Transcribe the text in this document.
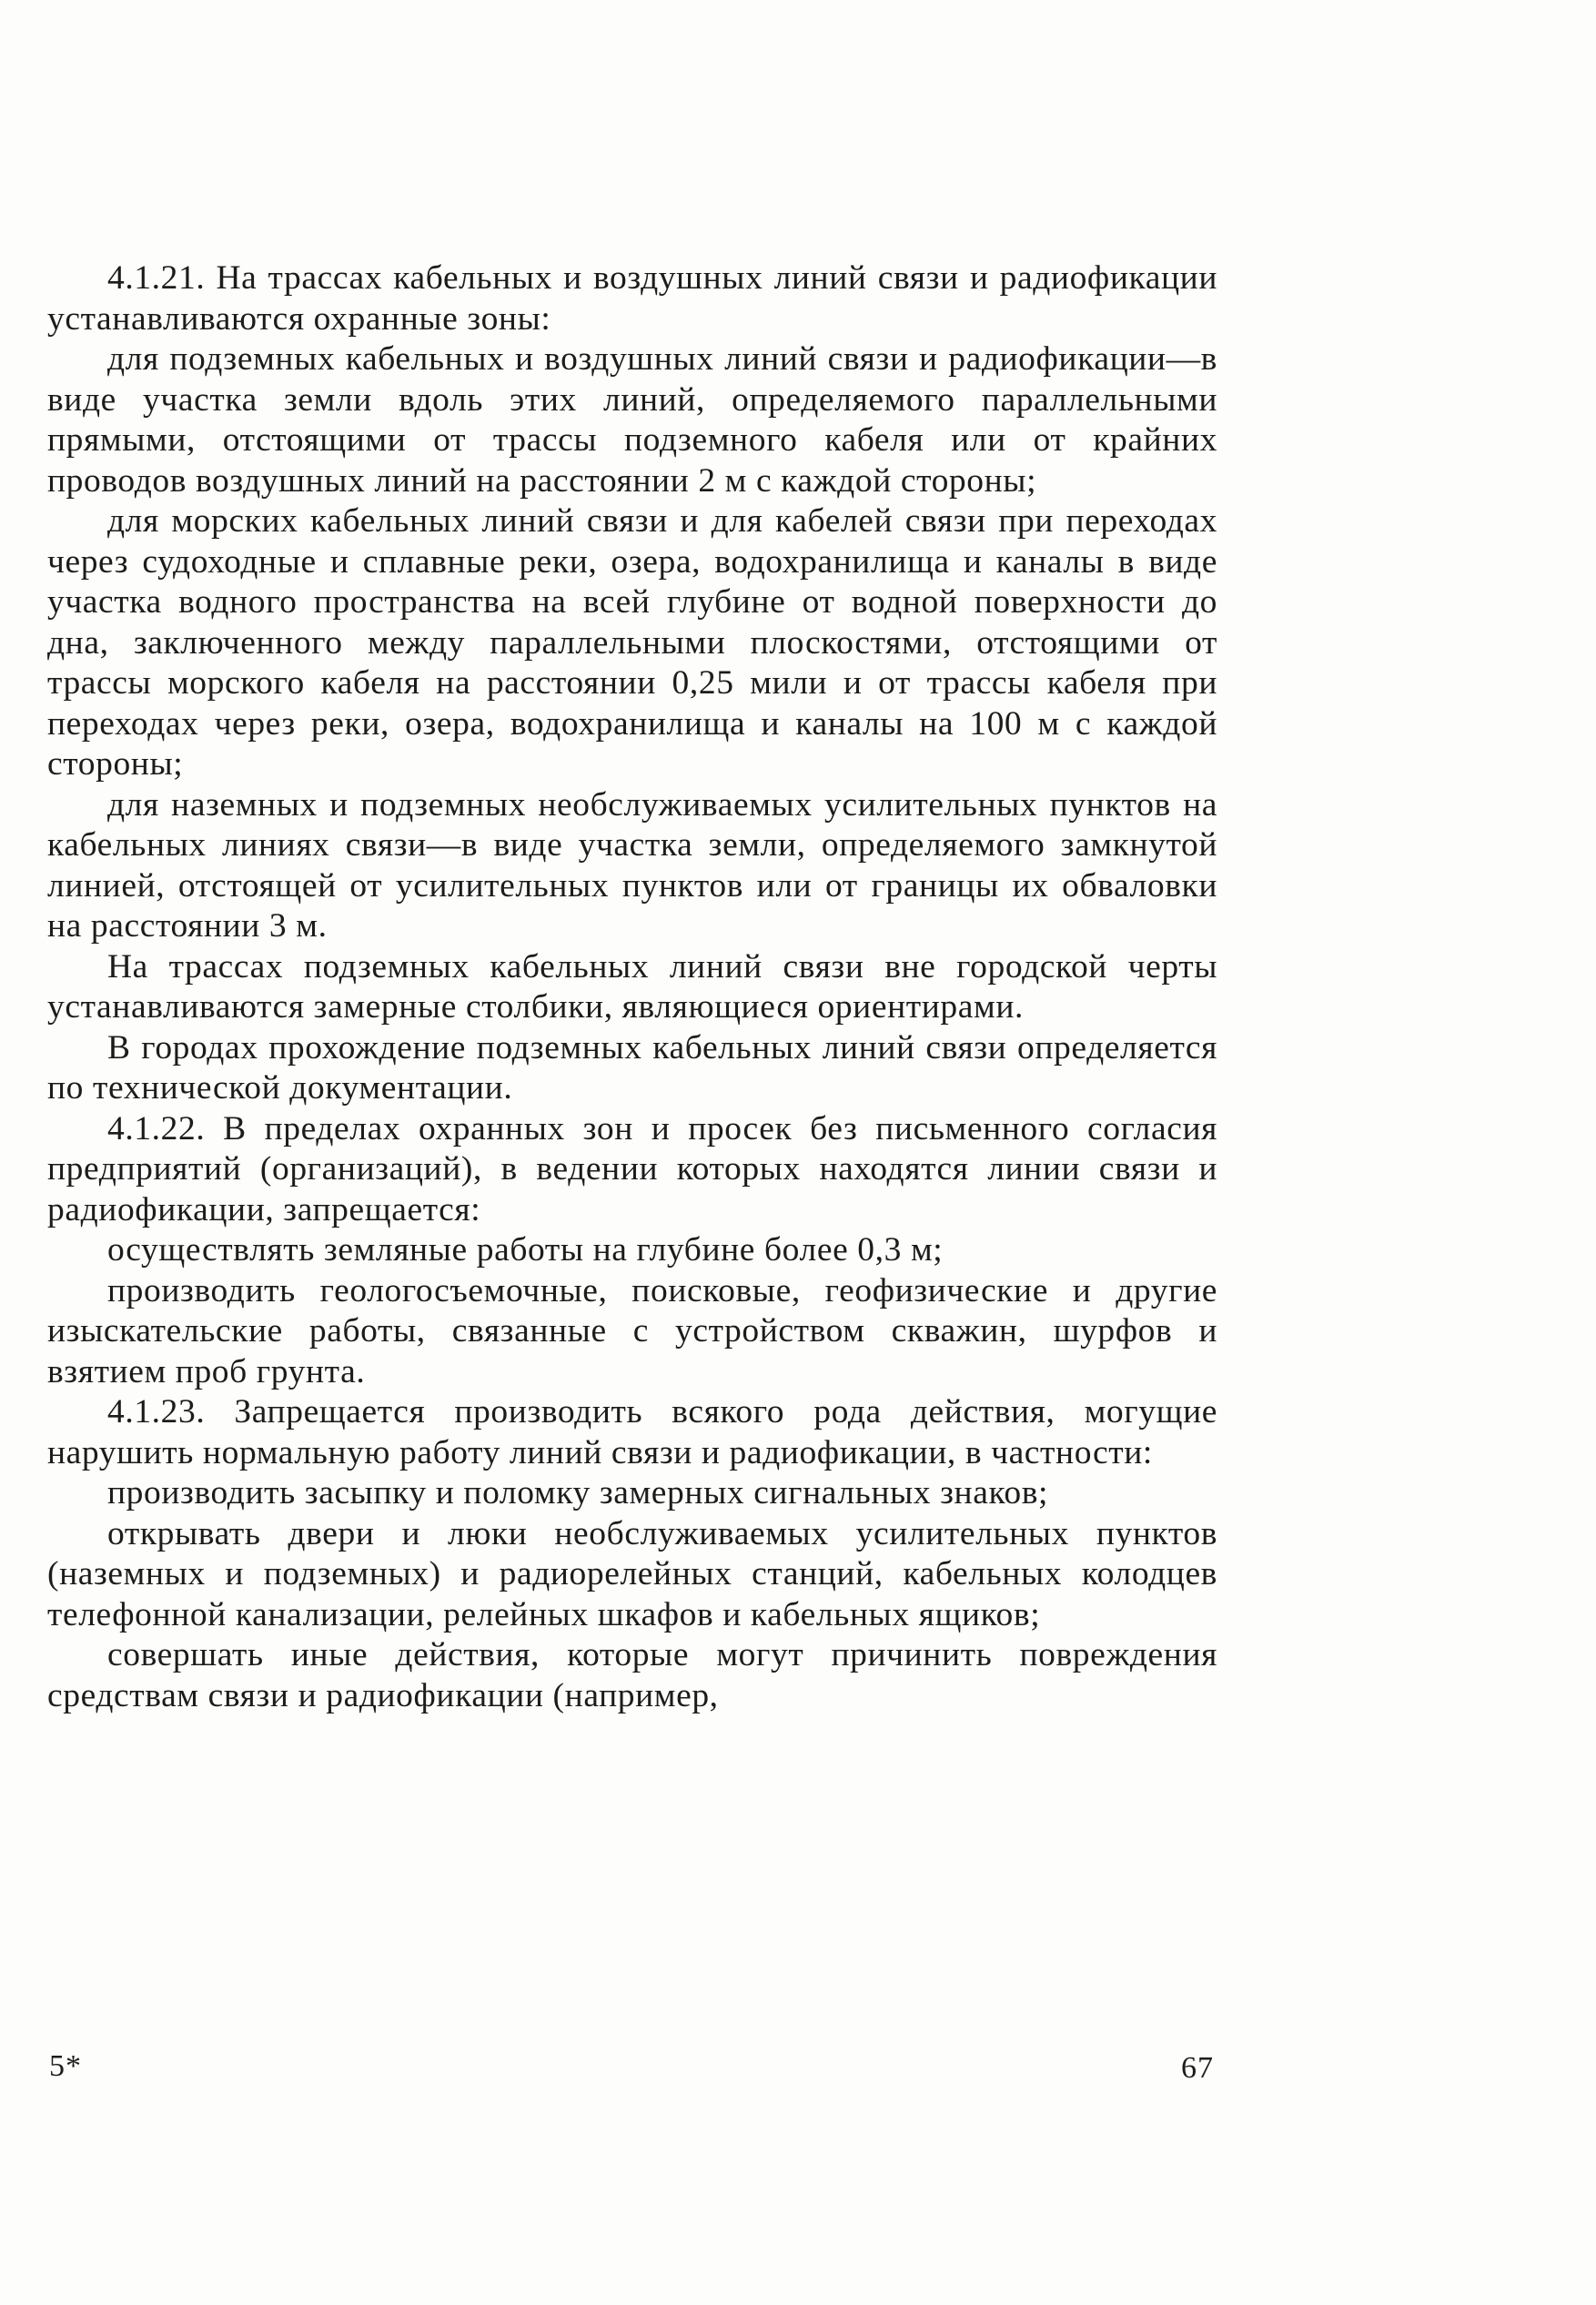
4.1.21. На трассах кабельных и воздушных линий связи и радиофикации устанавливаются охранные зоны:

для подземных кабельных и воздушных линий связи и радиофикации—в виде участка земли вдоль этих линий, определяемого параллельными прямыми, отстоящими от трассы подземного кабеля или от крайних проводов воздушных линий на расстоянии 2 м с каждой стороны;

для морских кабельных линий связи и для кабелей связи при переходах через судоходные и сплавные реки, озера, водохранилища и каналы в виде участка водного пространства на всей глубине от водной поверхности до дна, заключенного между параллельными плоскостями, отстоящими от трассы морского кабеля на расстоянии 0,25 мили и от трассы кабеля при переходах через реки, озера, водохранилища и каналы на 100 м с каждой стороны;

для наземных и подземных необслуживаемых усилительных пунктов на кабельных линиях связи—в виде участка земли, определяемого замкнутой линией, отстоящей от усилительных пунктов или от границы их обваловки на расстоянии 3 м.

На трассах подземных кабельных линий связи вне городской черты устанавливаются замерные столбики, являющиеся ориентирами.

В городах прохождение подземных кабельных линий связи определяется по технической документации.

4.1.22. В пределах охранных зон и просек без письменного согласия предприятий (организаций), в ведении которых находятся линии связи и радиофикации, запрещается:

осуществлять земляные работы на глубине более 0,3 м;

производить геологосъемочные, поисковые, геофизические и другие изыскательские работы, связанные с устройством скважин, шурфов и взятием проб грунта.

4.1.23. Запрещается производить всякого рода действия, могущие нарушить нормальную работу линий связи и радиофикации, в частности:

производить засыпку и поломку замерных сигнальных знаков;

открывать двери и люки необслуживаемых усилительных пунктов (наземных и подземных) и радиорелейных станций, кабельных колодцев телефонной канализации, релейных шкафов и кабельных ящиков;

совершать иные действия, которые могут причинить повреждения средствам связи и радиофикации (например,

5*	67
